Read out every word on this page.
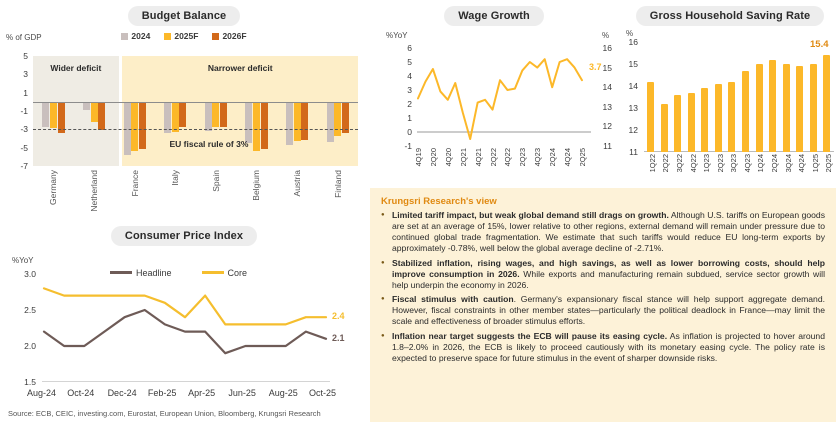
Budget Balance
% of GDP	2024	2025F	2026F
5
3
1
-1
-3
-5
-7
Wider deficit	Narrower deficit
EU fiscal rule of 3%
Germany	Netherland	France	Italy	Spain	Belgium	Austria	Finland
Consumer Price Index
%YoY
Headline	Core
3.0
2.5
2.0
1.5
Aug-24 Oct-24 Dec-24 Feb-25 Apr-25 Jun-25 Aug-25 Oct-25
2.4
2.1
Wage Growth
%YoY
6
5
4
3
2
1
0
-1
16
15
14
13
12
11
%
4Q19 2Q20 4Q20 2Q21 4Q21 2Q22 4Q22 2Q23 4Q23 2Q24 4Q24 2Q25
3.7
Gross Household Saving Rate
%
16
15
14
13
12
11
1Q22 2Q22 3Q22 4Q22 1Q23 2Q23 3Q23 4Q23 1Q24 2Q24 3Q24 4Q24 1Q25 2Q25
15.4
Krungsri Research's view
● Limited tariff impact, but weak global demand still drags on growth. Although U.S. tariffs on European goods are set at an average of 15%, lower relative to other regions, external demand will remain under pressure due to continued global trade fragmentation. We estimate that such tariffs would reduce EU long-term exports by approximately -0.78%, well below the global average decline of -2.71%.
● Stabilized inflation, rising wages, and high savings, as well as lower borrowing costs, should help improve consumption in 2026. While exports and manufacturing remain subdued, service sector growth will help underpin the economy in 2026.
● Fiscal stimulus with caution. Germany's expansionary fiscal stance will help support aggregate demand. However, fiscal constraints in other member states—particularly the political deadlock in France—may limit the scale and effectiveness of broader stimulus efforts.
● Inflation near target suggests the ECB will pause its easing cycle. As inflation is projected to hover around 1.8–2.0% in 2026, the ECB is likely to proceed cautiously with its monetary easing cycle. The policy rate is expected to preserve space for future stimulus in the event of sharper downside risks.
Source: ECB, CEIC, investing.com, Eurostat, European Union, Bloomberg, Krungsri Research
